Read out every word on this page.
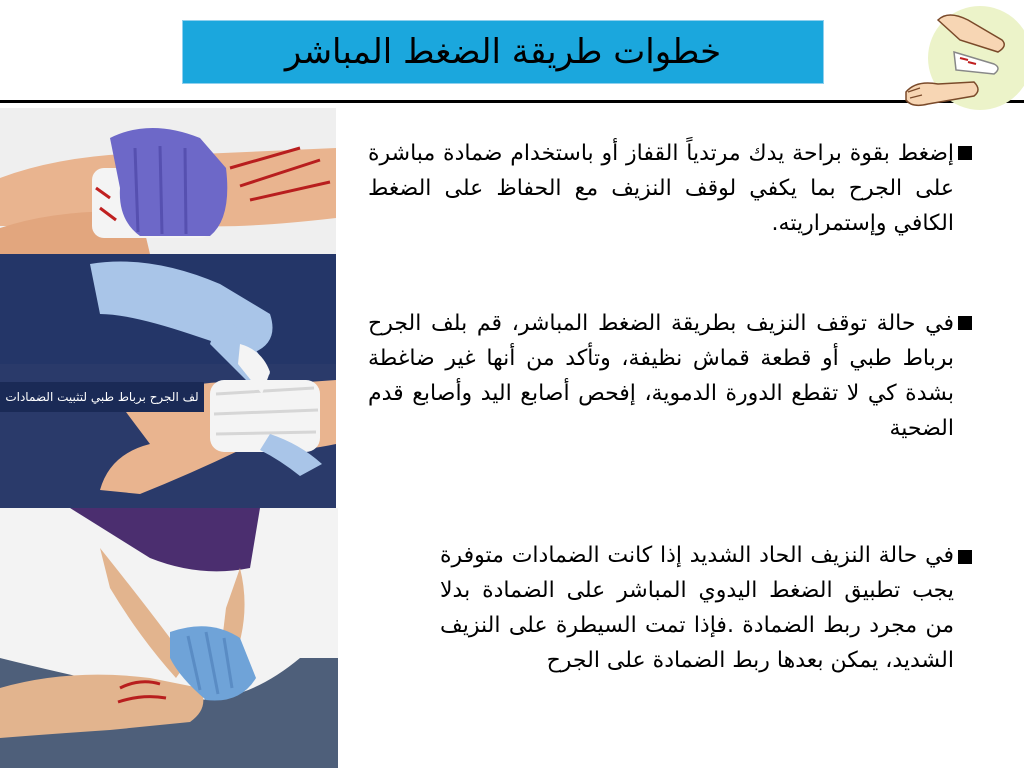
خطوات طريقة الضغط المباشر
لف الجرح برباط طبي لتثبيت الضمادات
إضغط بقوة براحة يدك مرتدياً القفاز أو باستخدام ضمادة مباشرة على الجرح بما يكفي لوقف النزيف مع الحفاظ على الضغط الكافي وإستمراريته.
في حالة توقف النزيف بطريقة الضغط المباشر، قم بلف الجرح برباط طبي أو قطعة قماش نظيفة، وتأكد من أنها غير ضاغطة بشدة كي لا تقطع الدورة الدموية، إفحص أصابع اليد وأصابع قدم الضحية
في حالة النزيف الحاد الشديد إذا كانت الضمادات متوفرة يجب تطبيق الضغط اليدوي المباشر على الضمادة بدلا من مجرد ربط الضمادة .فإذا تمت السيطرة على النزيف الشديد، يمكن بعدها ربط الضمادة على الجرح
